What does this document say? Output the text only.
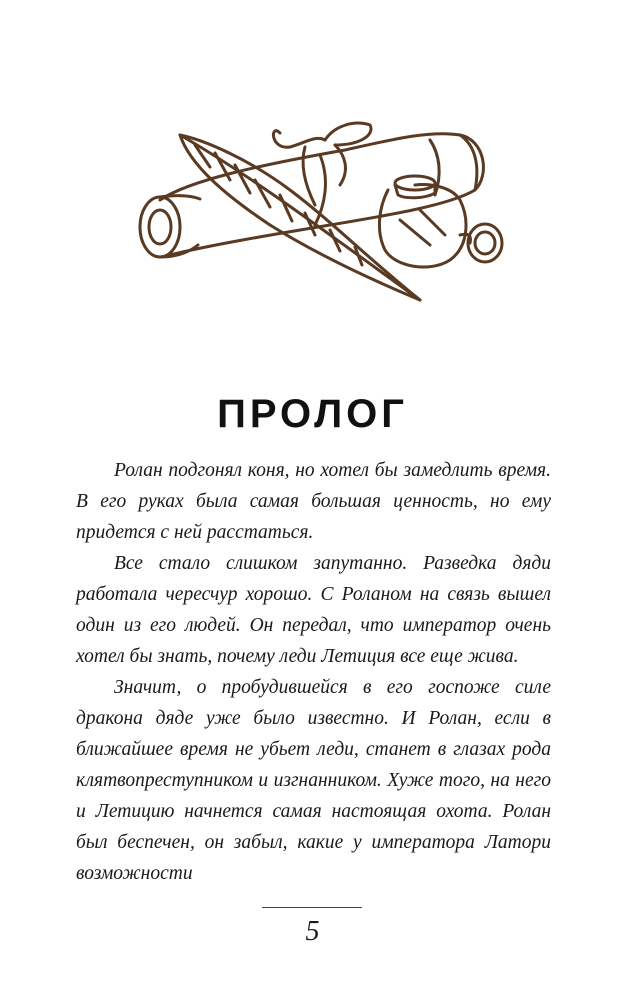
ПРОЛОГ

Ролан подгонял коня, но хотел бы замедлить время. В его руках была самая большая ценность, но ему придется с ней расстаться.

Все стало слишком запутанно. Разведка дяди работала чересчур хорошо. С Роланом на связь вышел один из его людей. Он передал, что император очень хотел бы знать, почему леди Летиция все еще жива.

Значит, о пробудившейся в его госпоже силе дракона дяде уже было известно. И Ролан, если в ближайшее время не убьет леди, станет в глазах рода клятвопреступником и изгнанником. Хуже того, на него и Летицию начнется самая настоящая охота. Ролан был беспечен, он забыл, какие у императора Латори возможности

5
